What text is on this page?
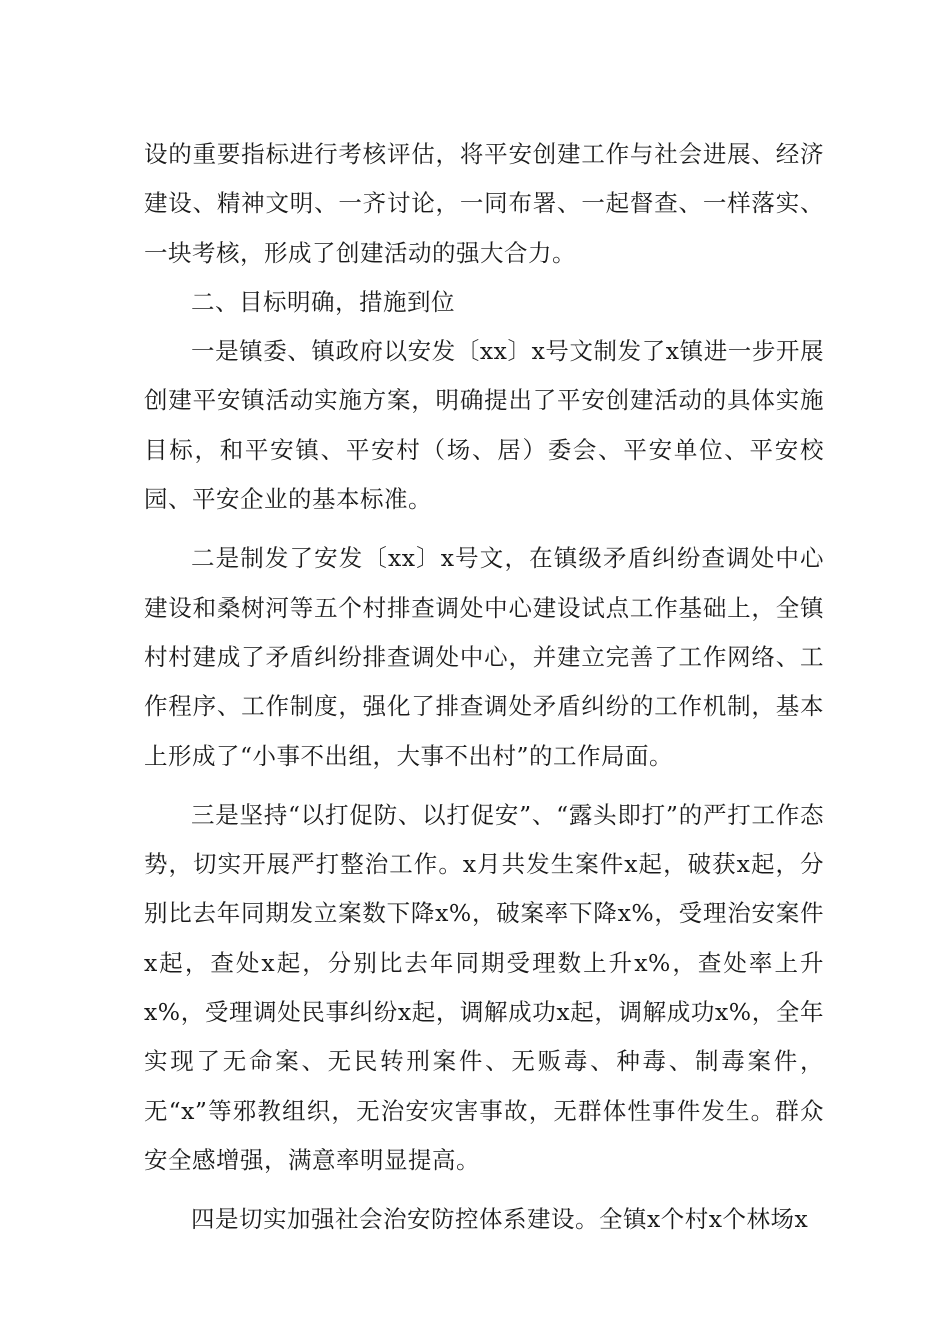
设的重要指标进行考核评估，将平安创建工作与社会进展、经济建设、精神文明、一齐讨论，一同布署、一起督查、一样落实、一块考核，形成了创建活动的强大合力。

二、目标明确，措施到位

一是镇委、镇政府以安发〔xx〕x号文制发了x镇进一步开展创建平安镇活动实施方案，明确提出了平安创建活动的具体实施目标，和平安镇、平安村（场、居）委会、平安单位、平安校园、平安企业的基本标准。

二是制发了安发〔xx〕x号文，在镇级矛盾纠纷查调处中心建设和桑树河等五个村排查调处中心建设试点工作基础上，全镇村村建成了矛盾纠纷排查调处中心，并建立完善了工作网络、工作程序、工作制度，强化了排查调处矛盾纠纷的工作机制，基本上形成了“小事不出组，大事不出村”的工作局面。

三是坚持“以打促防、以打促安”、“露头即打”的严打工作态势，切实开展严打整治工作。x月共发生案件x起，破获x起，分别比去年同期发立案数下降x%，破案率下降x%，受理治安案件x起，查处x起，分别比去年同期受理数上升x%，查处率上升x%，受理调处民事纠纷x起，调解成功x起，调解成功x%，全年实现了无命案、无民转刑案件、无贩毒、种毒、制毒案件，无“x”等邪教组织，无治安灾害事故，无群体性事件发生。群众安全感增强，满意率明显提高。

四是切实加强社会治安防控体系建设。全镇x个村x个林场x
